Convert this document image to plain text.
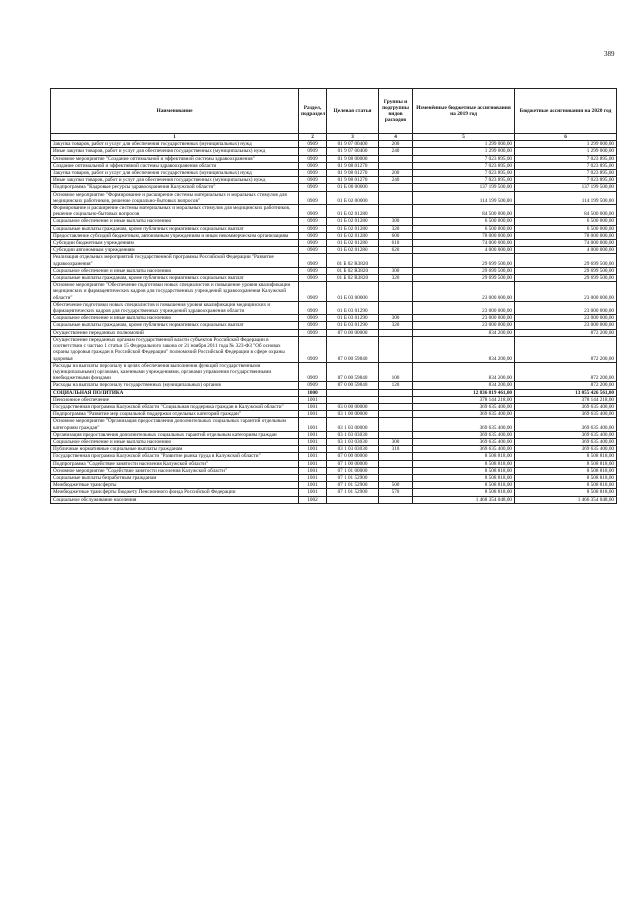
389
Наименование	Раздел, подраздел	Целевая статья	Группы и подгруппы видов расходов	Изменённые бюджетные ассигнования на 2019 год	Бюджетные ассигнования на 2020 год
1	2	3	4	5	6
Закупка товаров, работ и услуг для обеспечения государственных (муниципальных) нужд	0909	01 9 07 00400	200	1 299 000,00	1 299 000,00
Иные закупки товаров, работ и услуг для обеспечения государственных (муниципальных) нужд	0909	01 9 07 00400	240	1 299 000,00	1 299 000,00
Основное мероприятие "Создание оптимальной и эффективной системы здравоохранения"	0909	01 9 08 00000		7 023 895,00	7 023 895,00
Создание оптимальной и эффективной системы здравоохранения области	0909	01 9 08 01270		7 023 895,00	7 023 895,00
Закупка товаров, работ и услуг для обеспечения государственных (муниципальных) нужд	0909	01 9 08 01270	200	7 023 895,00	7 023 895,00
Иные закупки товаров, работ и услуг для обеспечения государственных (муниципальных) нужд	0909	01 9 08 01270	240	7 023 895,00	7 023 895,00
Подпрограмма "Кадровые ресурсы здравоохранения Калужской области"	0909	01 Б 00 00000		137 199 500,00	137 199 500,00
Основное мероприятие "Формирование и расширение системы материальных и моральных стимулов для медицинских работников, решение социально-бытовых вопросов"	0909	01 Б 02 00000		114 199 500,00	114 199 500,00
Формирование и расширение системы материальных и моральных стимулов для медицинских работников, решение социально-бытовых вопросов	0909	01 Б 02 01280		84 500 000,00	84 500 000,00
Социальное обеспечение и иные выплаты населению	0909	01 Б 02 01280	300	6 500 000,00	6 500 000,00
Социальные выплаты гражданам, кроме публичных нормативных социальных выплат	0909	01 Б 02 01280	320	6 500 000,00	6 500 000,00
Предоставление субсидий бюджетным, автономным учреждениям и иным некоммерческим организациям	0909	01 Б 02 01280	600	78 000 000,00	78 000 000,00
Субсидии бюджетным учреждениям	0909	01 Б 02 01280	610	74 000 000,00	74 000 000,00
Субсидии автономным учреждениям	0909	01 Б 02 01280	620	4 000 000,00	4 000 000,00
Реализация отдельных мероприятий государственной программы Российской Федерации "Развитие здравоохранения"	0909	01 Б 02 R3820		29 699 500,00	29 699 500,00
Социальное обеспечение и иные выплаты населению	0909	01 Б 02 R3820	300	29 699 500,00	29 699 500,00
Социальные выплаты гражданам, кроме публичных нормативных социальных выплат	0909	01 Б 02 R3820	320	29 699 500,00	29 699 500,00
Основное мероприятие "Обеспечение подготовки новых специалистов и повышение уровня квалификации медицинских и фармацевтических кадров для государственных учреждений здравоохранения Калужской области"	0909	01 Б 03 00000		23 000 000,00	23 000 000,00
Обеспечение подготовки новых специалистов и повышения уровня квалификации медицинских и фармацевтических кадров для государственных учреждений здравоохранения области	0909	01 Б 03 01290		23 000 000,00	23 000 000,00
Социальное обеспечение и иные выплаты населению	0909	01 Б 03 01290	300	23 000 000,00	23 000 000,00
Социальные выплаты гражданам, кроме публичных нормативных социальных выплат	0909	01 Б 03 01290	320	23 000 000,00	23 000 000,00
Осуществление переданных полномочий	0909	87 0 00 00000		834 200,00	872 200,00
Осуществление переданных органам государственной власти субъектов Российской Федерации в соответствии с частью 1 статьи 15 Федерального закона от 21 ноября 2011 года № 323-ФЗ "Об основах охраны здоровья граждан в Российской Федерации" полномочий Российской Федерации в сфере охраны здоровья	0909	87 0 00 59840		834 200,00	872 200,00
Расходы на выплаты персоналу в целях обеспечения выполнения функций государственными (муниципальными) органами, казенными учреждениями, органами управления государственными внебюджетными фондами	0909	87 0 00 59840	100	834 200,00	872 200,00
Расходы на выплаты персоналу государственных (муниципальных) органов	0909	87 0 00 59840	120	834 200,00	872 200,00
СОЦИАЛЬНАЯ ПОЛИТИКА	1000			12 836 819 461,00	13 055 426 561,00
Пенсионное обеспечение	1001			378 144 218,00	378 144 218,00
Государственная программа Калужской области "Социальная поддержка граждан в Калужской области"	1001	03 0 00 00000		369 635 400,00	369 635 400,00
Подпрограмма "Развитие мер социальной поддержки отдельных категорий граждан"	1001	03 1 00 00000		369 635 400,00	369 635 400,00
Основное мероприятие "Организация предоставления дополнительных социальных гарантий отдельным категориям граждан"	1001	03 1 03 00000		369 635 400,00	369 635 400,00
Организация предоставления дополнительных социальных гарантий отдельным категориям граждан	1001	03 1 03 03030		369 635 400,00	369 635 400,00
Социальное обеспечение и иные выплаты населению	1001	03 1 03 03030	300	369 635 400,00	369 635 400,00
Публичные нормативные социальные выплаты гражданам	1001	03 1 03 03030	310	369 635 400,00	369 635 400,00
Государственная программа Калужской области "Развитие рынка труда в Калужской области"	1001	07 0 00 00000		8 508 818,00	8 508 818,00
Подпрограмма "Содействие занятости населения Калужской области"	1001	07 1 00 00000		8 508 818,00	8 508 818,00
Основное мероприятие "Содействие занятости населения Калужской области"	1001	07 1 01 00000		8 508 818,00	8 508 818,00
Социальные выплаты безработным гражданам	1001	07 1 01 52900		8 508 818,00	8 508 818,00
Межбюджетные трансферты	1001	07 1 01 52900	500	8 508 818,00	8 508 818,00
Межбюджетные трансферты бюджету Пенсионного фонда Российской Федерации	1001	07 1 01 52900	570	8 508 818,00	8 508 818,00
Социальное обслуживание населения	1002			1 468 354 048,00	1 466 354 048,00
